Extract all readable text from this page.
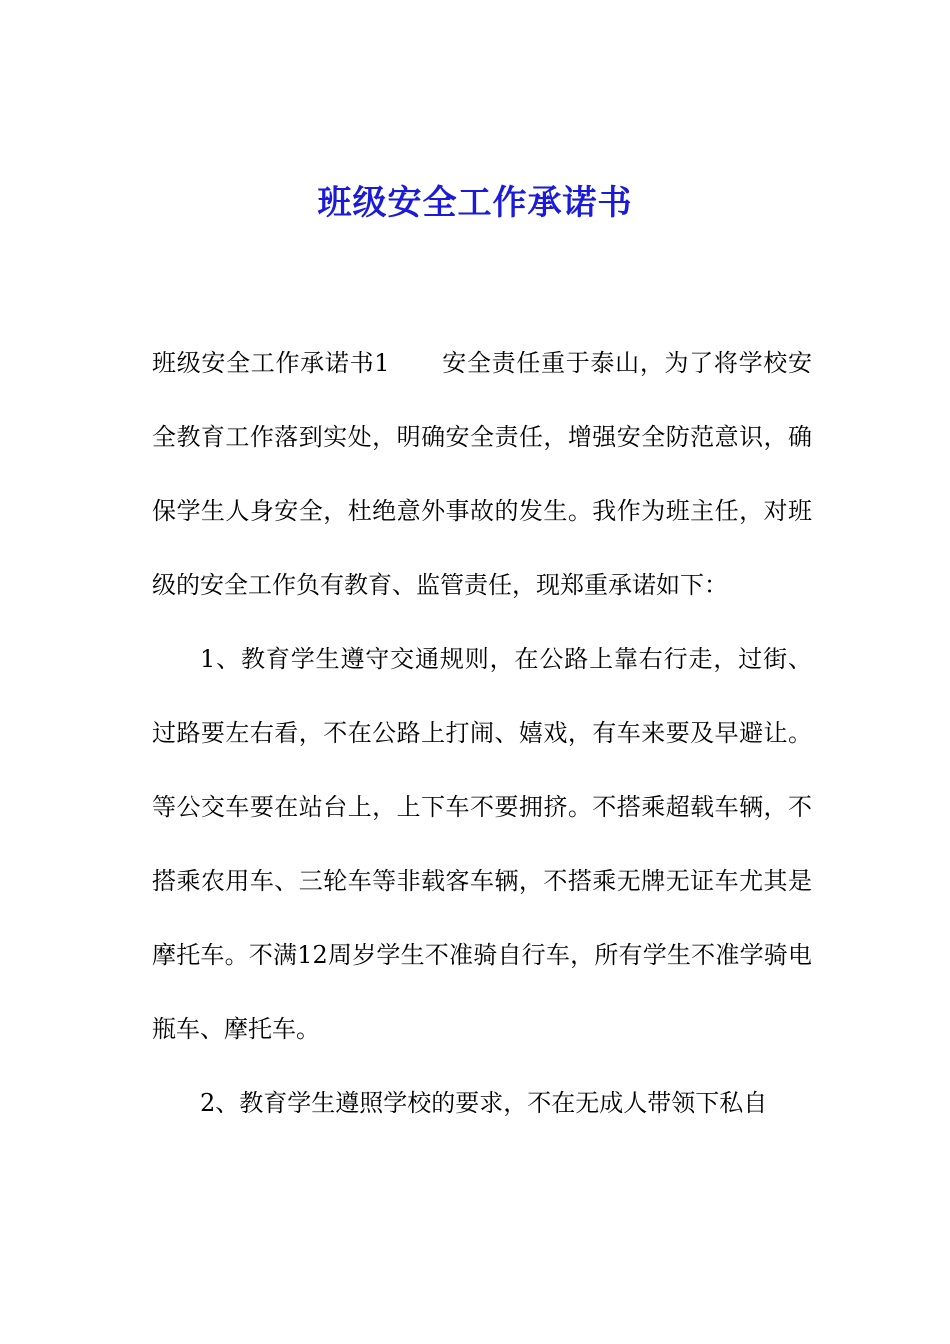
班级安全工作承诺书

班级安全工作承诺书1 安全责任重于泰山，为了将学校安全教育工作落到实处，明确安全责任，增强安全防范意识，确保学生人身安全，杜绝意外事故的发生。我作为班主任，对班级的安全工作负有教育、监管责任，现郑重承诺如下：

1、教育学生遵守交通规则，在公路上靠右行走，过街、过路要左右看，不在公路上打闹、嬉戏，有车来要及早避让。等公交车要在站台上，上下车不要拥挤。不搭乘超载车辆，不搭乘农用车、三轮车等非载客车辆，不搭乘无牌无证车尤其是摩托车。不满12周岁学生不准骑自行车，所有学生不准学骑电瓶车、摩托车。

2、教育学生遵照学校的要求，不在无成人带领下私自
